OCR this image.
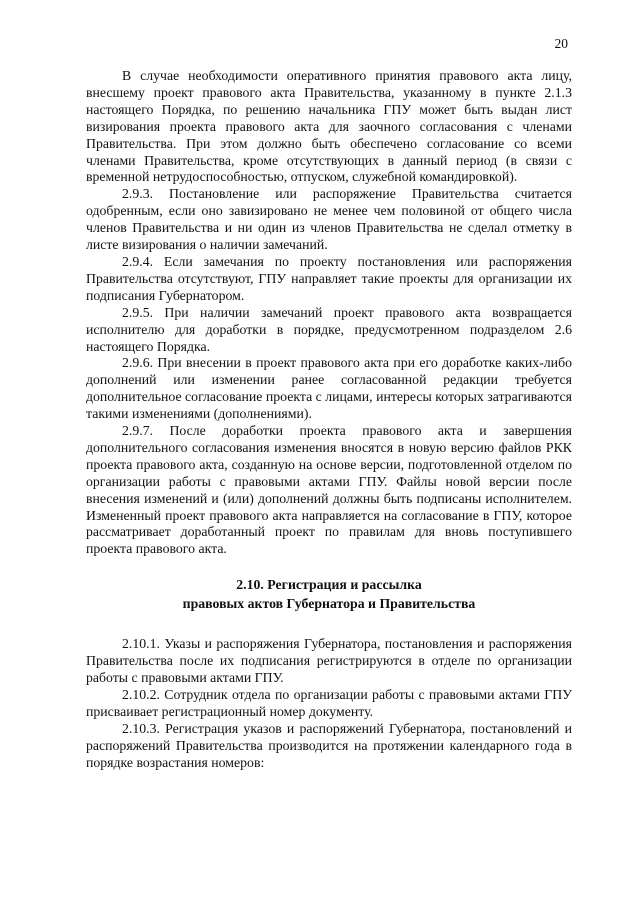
20

В случае необходимости оперативного принятия правового акта лицу, внесшему проект правового акта Правительства, указанному в пункте 2.1.3 настоящего Порядка, по решению начальника ГПУ может быть выдан лист визирования проекта правового акта для заочного согласования с членами Правительства. При этом должно быть обеспечено согласование со всеми членами Правительства, кроме отсутствующих в данный период (в связи с временной нетрудоспособностью, отпуском, служебной командировкой).

2.9.3. Постановление или распоряжение Правительства считается одобренным, если оно завизировано не менее чем половиной от общего числа членов Правительства и ни один из членов Правительства не сделал отметку в листе визирования о наличии замечаний.

2.9.4. Если замечания по проекту постановления или распоряжения Правительства отсутствуют, ГПУ направляет такие проекты для организации их подписания Губернатором.

2.9.5. При наличии замечаний проект правового акта возвращается исполнителю для доработки в порядке, предусмотренном подразделом 2.6 настоящего Порядка.

2.9.6. При внесении в проект правового акта при его доработке каких-либо дополнений или изменении ранее согласованной редакции требуется дополнительное согласование проекта с лицами, интересы которых затрагиваются такими изменениями (дополнениями).

2.9.7. После доработки проекта правового акта и завершения дополнительного согласования изменения вносятся в новую версию файлов РКК проекта правового акта, созданную на основе версии, подготовленной отделом по организации работы с правовыми актами ГПУ. Файлы новой версии после внесения изменений и (или) дополнений должны быть подписаны исполнителем. Измененный проект правового акта направляется на согласование в ГПУ, которое рассматривает доработанный проект по правилам для вновь поступившего проекта правового акта.

2.10. Регистрация и рассылка
правовых актов Губернатора и Правительства

2.10.1. Указы и распоряжения Губернатора, постановления и распоряжения Правительства после их подписания регистрируются в отделе по организации работы с правовыми актами ГПУ.

2.10.2. Сотрудник отдела по организации работы с правовыми актами ГПУ присваивает регистрационный номер документу.

2.10.3. Регистрация указов и распоряжений Губернатора, постановлений и распоряжений Правительства производится на протяжении календарного года в порядке возрастания номеров:
